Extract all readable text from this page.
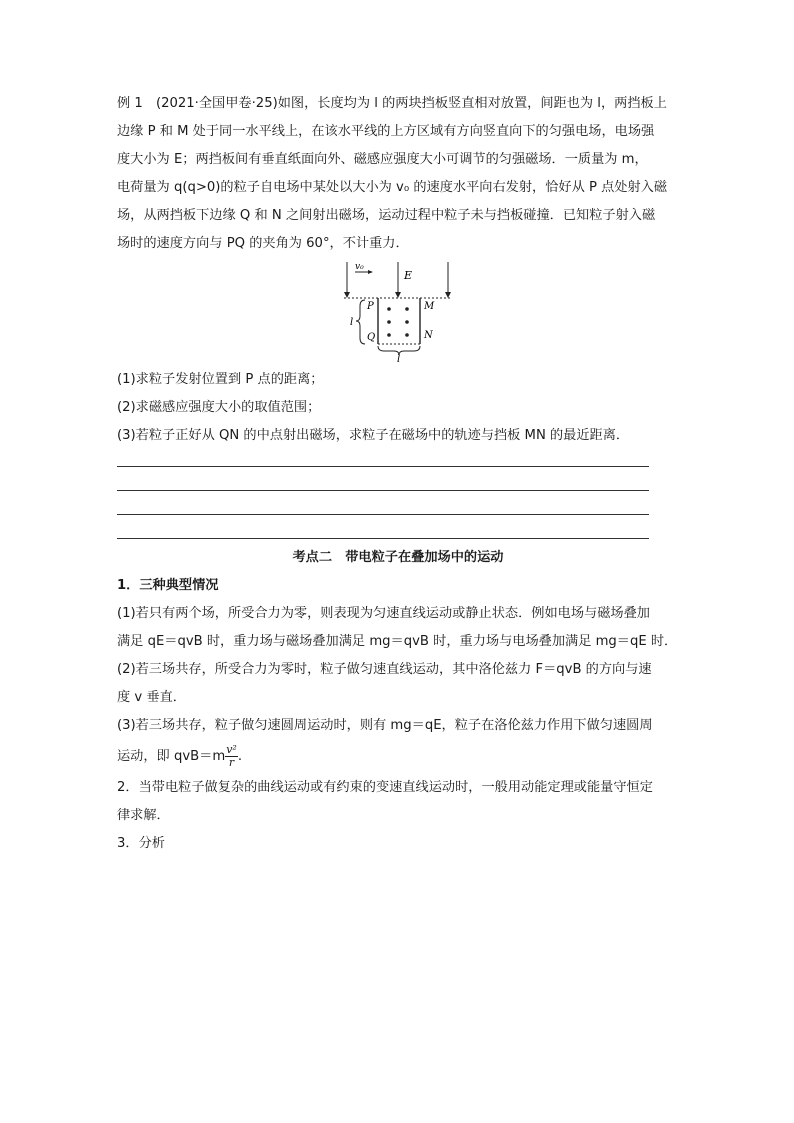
例 1　 (2021·全国甲卷·25)如图，长度均为 l 的两块挡板竖直相对放置，间距也为 l，两挡板上

边缘 P 和 M 处于同一水平线上，在该水平线的上方区域有方向竖直向下的匀强电场，电场强

度大小为 E；两挡板间有垂直纸面向外、磁感应强度大小可调节的匀强磁场．一质量为 m，

电荷量为 q(q>0)的粒子自电场中某处以大小为 v₀ 的速度水平向右发射，恰好从 P 点处射入磁

场，从两挡板下边缘 Q 和 N 之间射出磁场，运动过程中粒子未与挡板碰撞．已知粒子射入磁

场时的速度方向与 PQ 的夹角为 60°，不计重力．

v₀
E
P
Q
M
N
l
l

(1)求粒子发射位置到 P 点的距离；

(2)求磁感应强度大小的取值范围；

(3)若粒子正好从 QN 的中点射出磁场，求粒子在磁场中的轨迹与挡板 MN 的最近距离．

考点二　带电粒子在叠加场中的运动

1．三种典型情况

(1)若只有两个场，所受合力为零，则表现为匀速直线运动或静止状态．例如电场与磁场叠加

满足 qE＝qvB 时，重力场与磁场叠加满足 mg＝qvB 时，重力场与电场叠加满足 mg＝qE 时．

(2)若三场共存，所受合力为零时，粒子做匀速直线运动，其中洛伦兹力 F＝qvB 的方向与速

度 v 垂直．

(3)若三场共存，粒子做匀速圆周运动时，则有 mg＝qE，粒子在洛伦兹力作用下做匀速圆周

运动，即 $qvB=m \frac{\text{v²}}{r}$ .

2．当带电粒子做复杂的曲线运动或有约束的变速直线运动时，一般用动能定理或能量守恒定

律求解．

3．分析
